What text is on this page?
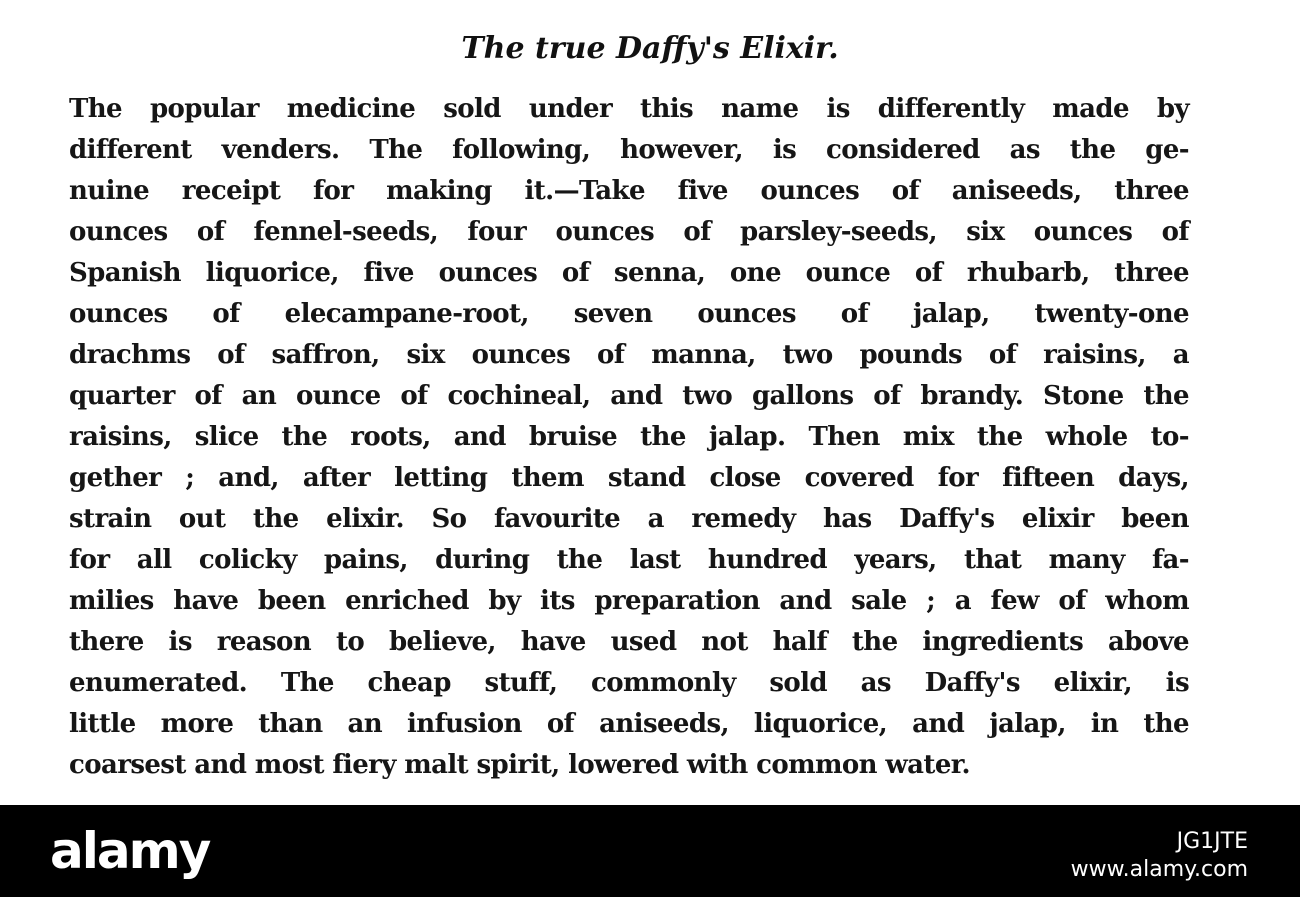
The true Daffy's Elixir.
The popular medicine sold under this name is differently made by
different venders. The following, however, is considered as the ge-
nuine receipt for making it.—Take five ounces of aniseeds, three
ounces of fennel-seeds, four ounces of parsley-seeds, six ounces of
Spanish liquorice, five ounces of senna, one ounce of rhubarb, three
ounces of elecampane-root, seven ounces of jalap, twenty-one
drachms of saffron, six ounces of manna, two pounds of raisins, a
quarter of an ounce of cochineal, and two gallons of brandy. Stone the
raisins, slice the roots, and bruise the jalap. Then mix the whole to-
gether ; and, after letting them stand close covered for fifteen days,
strain out the elixir. So favourite a remedy has Daffy's elixir been
for all colicky pains, during the last hundred years, that many fa-
milies have been enriched by its preparation and sale ; a few of whom
there is reason to believe, have used not half the ingredients above
enumerated. The cheap stuff, commonly sold as Daffy's elixir, is
little more than an infusion of aniseeds, liquorice, and jalap, in the
coarsest and most fiery malt spirit, lowered with common water.
alamy	JG1JTE
www.alamy.com
